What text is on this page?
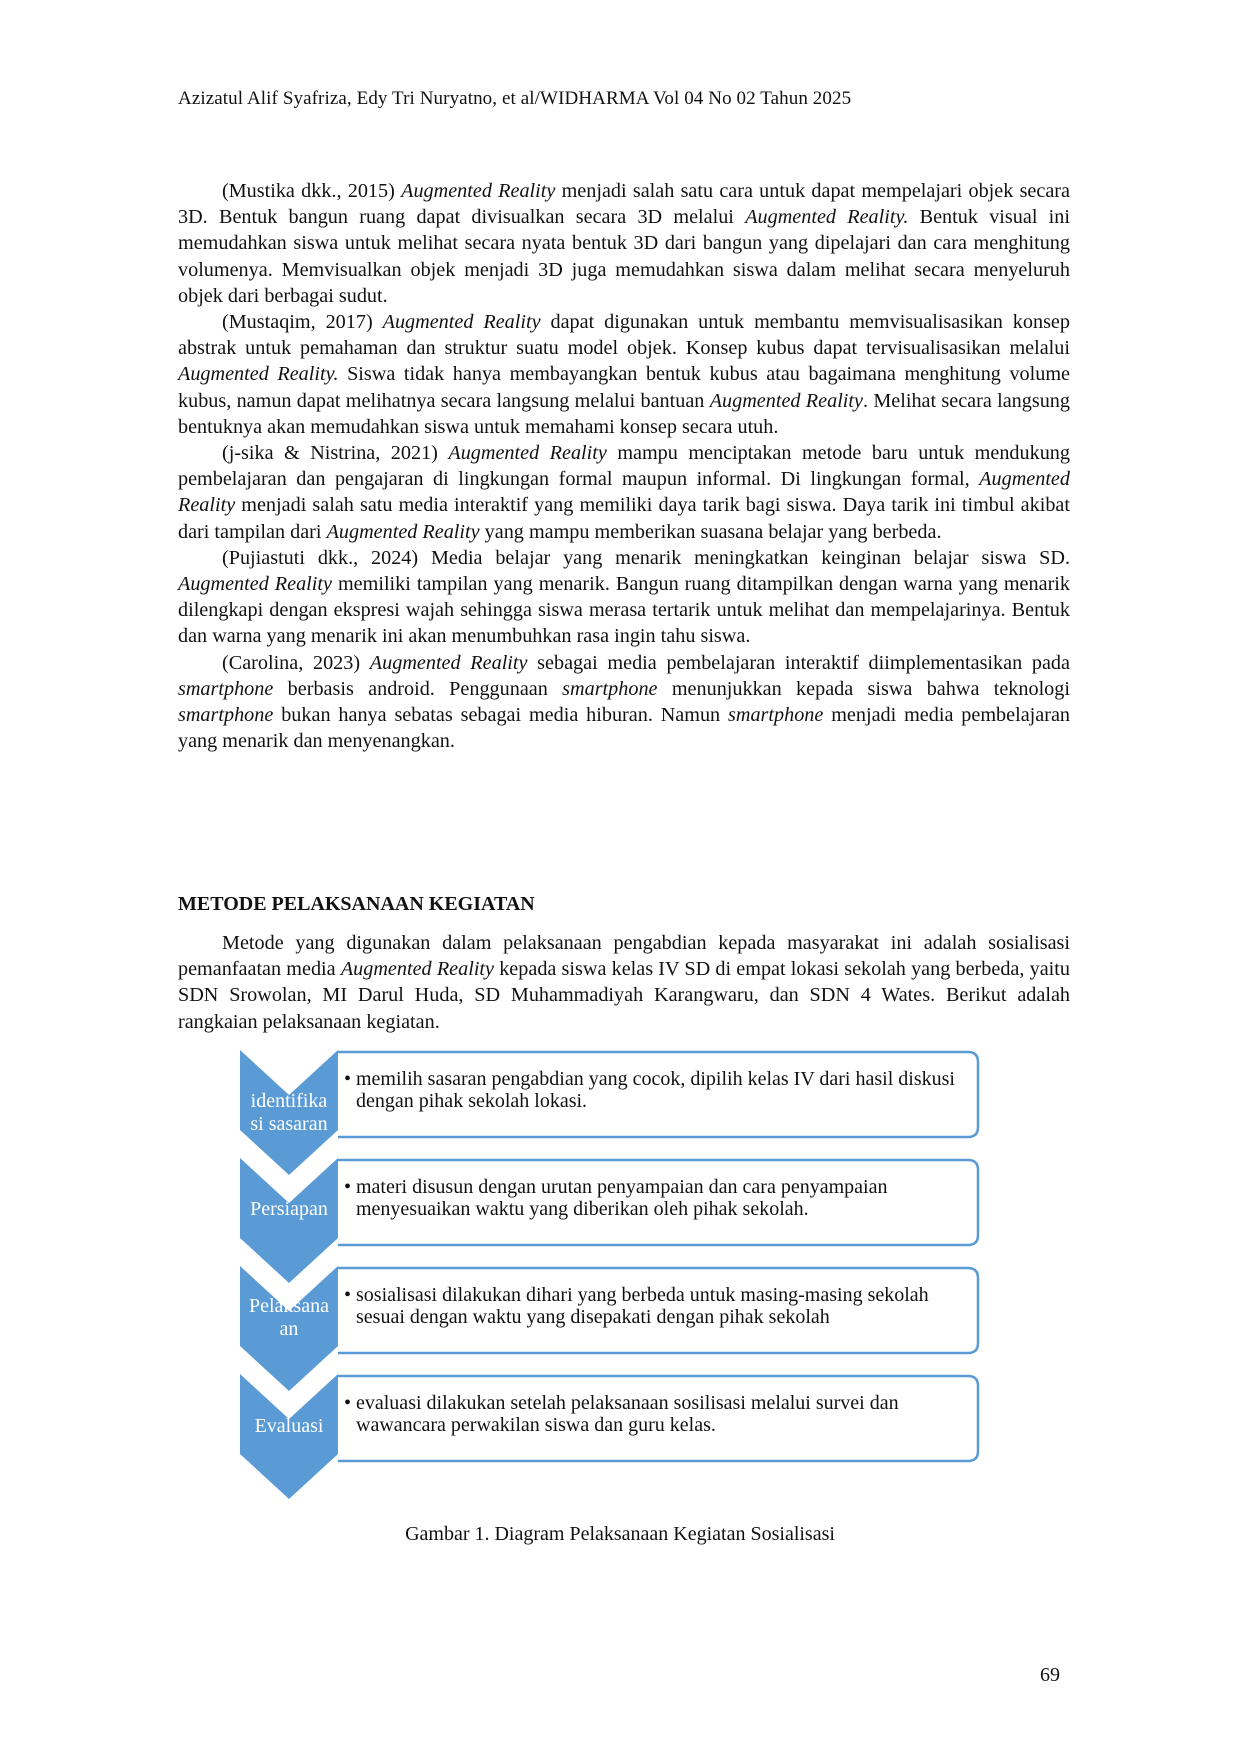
Azizatul Alif Syafriza, Edy Tri Nuryatno, et al/WIDHARMA Vol 04 No 02 Tahun 2025

(Mustika dkk., 2015) Augmented Reality menjadi salah satu cara untuk dapat mempelajari objek secara 3D. Bentuk bangun ruang dapat divisualkan secara 3D melalui Augmented Reality. Bentuk visual ini memudahkan siswa untuk melihat secara nyata bentuk 3D dari bangun yang dipelajari dan cara menghitung volumenya. Memvisualkan objek menjadi 3D juga memudahkan siswa dalam melihat secara menyeluruh objek dari berbagai sudut.

(Mustaqim, 2017) Augmented Reality dapat digunakan untuk membantu memvisualisasikan konsep abstrak untuk pemahaman dan struktur suatu model objek. Konsep kubus dapat tervisualisasikan melalui Augmented Reality. Siswa tidak hanya membayangkan bentuk kubus atau bagaimana menghitung volume kubus, namun dapat melihatnya secara langsung melalui bantuan Augmented Reality. Melihat secara langsung bentuknya akan memudahkan siswa untuk memahami konsep secara utuh.

(j-sika & Nistrina, 2021) Augmented Reality mampu menciptakan metode baru untuk mendukung pembelajaran dan pengajaran di lingkungan formal maupun informal. Di lingkungan formal, Augmented Reality menjadi salah satu media interaktif yang memiliki daya tarik bagi siswa. Daya tarik ini timbul akibat dari tampilan dari Augmented Reality yang mampu memberikan suasana belajar yang berbeda.

(Pujiastuti dkk., 2024) Media belajar yang menarik meningkatkan keinginan belajar siswa SD. Augmented Reality memiliki tampilan yang menarik. Bangun ruang ditampilkan dengan warna yang menarik dilengkapi dengan ekspresi wajah sehingga siswa merasa tertarik untuk melihat dan mempelajarinya. Bentuk dan warna yang menarik ini akan menumbuhkan rasa ingin tahu siswa.

(Carolina, 2023) Augmented Reality sebagai media pembelajaran interaktif diimplementasikan pada smartphone berbasis android. Penggunaan smartphone menunjukkan kepada siswa bahwa teknologi smartphone bukan hanya sebatas sebagai media hiburan. Namun smartphone menjadi media pembelajaran yang menarik dan menyenangkan.

METODE PELAKSANAAN KEGIATAN

Metode yang digunakan dalam pelaksanaan pengabdian kepada masyarakat ini adalah sosialisasi pemanfaatan media Augmented Reality kepada siswa kelas IV SD di empat lokasi sekolah yang berbeda, yaitu SDN Srowolan, MI Darul Huda, SD Muhammadiyah Karangwaru, dan SDN 4 Wates. Berikut adalah rangkaian pelaksanaan kegiatan.

identifika
si sasaran
Persiapan
Pelaksana
an
Evaluasi
• memilih sasaran pengabdian yang cocok, dipilih kelas IV dari hasil diskusi dengan pihak sekolah lokasi.
• materi disusun dengan urutan penyampaian dan cara penyampaian menyesuaikan waktu yang diberikan oleh pihak sekolah.
• sosialisasi dilakukan dihari yang berbeda untuk masing-masing sekolah sesuai dengan waktu yang disepakati dengan pihak sekolah
• evaluasi dilakukan setelah pelaksanaan sosilisasi melalui survei dan wawancara perwakilan siswa dan guru kelas.
Gambar 1. Diagram Pelaksanaan Kegiatan Sosialisasi
69
